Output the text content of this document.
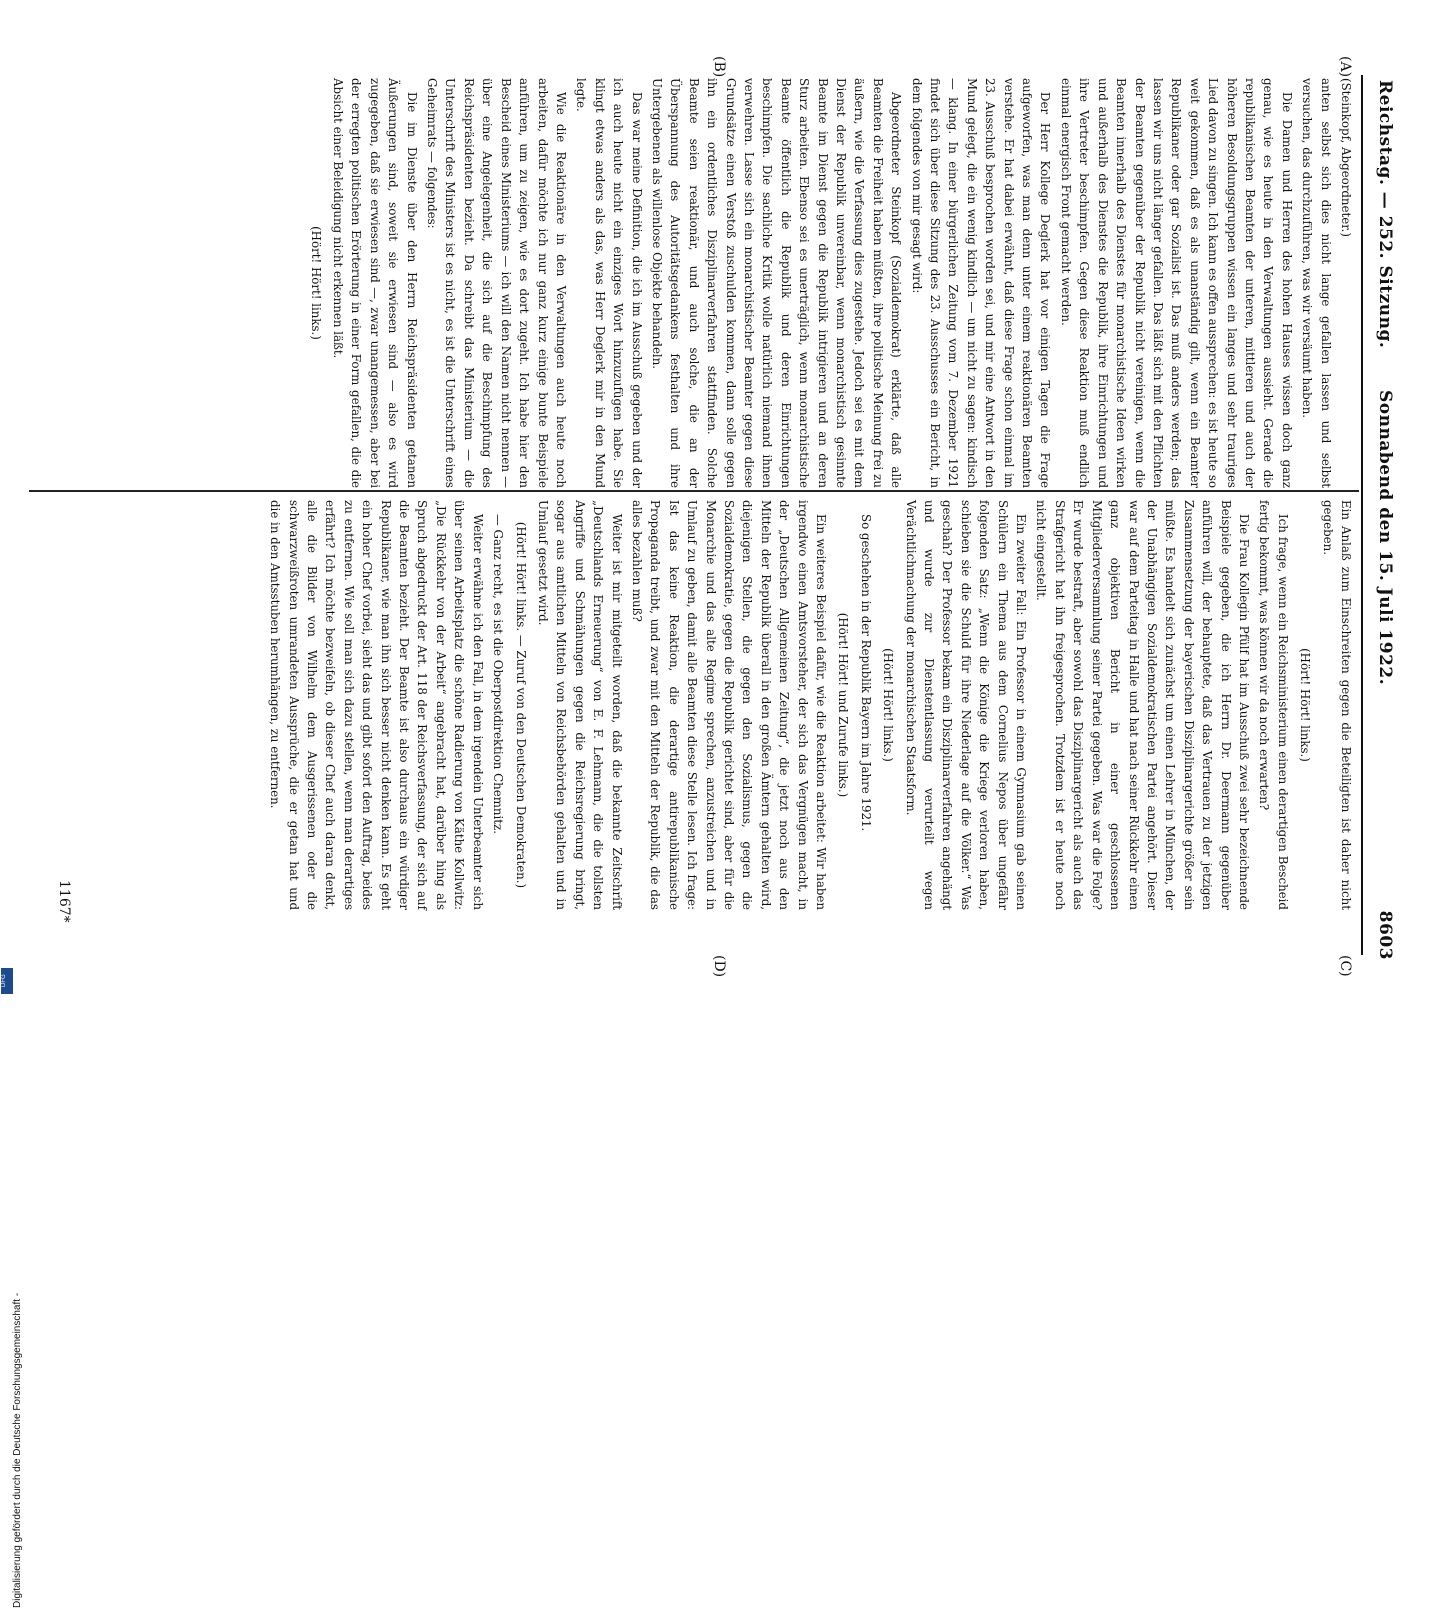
Reichstag. — 252. Sitzung.
Sonnabend den 15. Juli 1922.
8603
(A)
(B)
(C)
(D)

(Steinkopf, Abgeordneter.)

anten selbst sich dies nicht lange gefallen lassen und selbst versuchen, das durchzuführen, was wir versäumt haben.

Die Damen und Herren des hohen Hauses wissen doch ganz genau, wie es heute in den Verwaltungen aussieht. Gerade die republikanischen Beamten der unteren, mittleren und auch der höheren Besoldungsgruppen wissen ein langes und sehr trauriges Lied davon zu singen. Ich kann es offen aussprechen: es ist heute so weit gekommen, daß es als unanständig gilt, wenn ein Beamter Republikaner oder gar Sozialist ist. Das muß anders werden; das lassen wir uns nicht länger gefallen. Das läßt sich mit den Pflichten der Beamten gegenüber der Republik nicht vereinigen, wenn die Beamten innerhalb des Dienstes für monarchistische Ideen wirken und außerhalb des Dienstes die Republik, ihre Einrichtungen und ihre Vertreter beschimpfen. Gegen diese Reaktion muß endlich einmal energisch Front gemacht werden.

Der Herr Kollege Deglerk hat vor einigen Tagen die Frage aufgeworfen, was man denn unter einem reaktionären Beamten verstehe. Er hat dabei erwähnt, daß diese Frage schon einmal im 23. Ausschuß besprochen worden sei, und mir eine Antwort in den Mund gelegt, die ein wenig kindlich — um nicht zu sagen: kindisch — klang. In einer bürgerlichen Zeitung vom 7. Dezember 1921 findet sich über diese Sitzung des 23. Ausschusses ein Bericht, in dem folgendes von mir gesagt wird:

Abgeordneter Steinkopf (Sozialdemokrat) erklärte, daß alle Beamten die Freiheit haben müßten, ihre politische Meinung frei zu äußern, wie die Verfassung dies zugestehe. Jedoch sei es mit dem Dienst der Republik unvereinbar, wenn monarchistisch gesinnte Beamte im Dienst gegen die Republik intrigieren und an deren Sturz arbeiten. Ebenso sei es unerträglich, wenn monarchistische Beamte öffentlich die Republik und deren Einrichtungen beschimpfen. Die sachliche Kritik wolle natürlich niemand ihnen verwehren. Lasse sich ein monarchistischer Beamter gegen diese Grundsätze einen Verstoß zuschulden kommen, dann solle gegen ihn ein ordentliches Disziplinarverfahren stattfinden. Solche Beamte seien reaktionär, und auch solche, die an der Überspannung des Autoritätsgedankens festhalten und ihre Untergebenen als willenlose Objekte behandeln.

Das war meine Definition, die ich im Ausschuß gegeben und der ich auch heute nicht ein einziges Wort hinzuzufügen habe. Sie klingt etwas anders als das, was Herr Deglerk mir in den Mund legte.

Wie die Reaktionäre in den Verwaltungen auch heute noch arbeiten, dafür möchte ich nur ganz kurz einige bunte Beispiele anführen, um zu zeigen, wie es dort zugeht. Ich habe hier den Bescheid eines Ministeriums — ich will den Namen nicht nennen — über eine Angelegenheit, die sich auf die Beschimpfung des Reichspräsidenten bezieht. Da schreibt das Ministerium — die Unterschrift des Ministers ist es nicht, es ist die Unterschrift eines Geheimrats — folgendes:

Die im Dienste über den Herrn Reichspräsidenten getanen Äußerungen sind, soweit sie erwiesen sind — also es wird zugegeben, daß sie erwiesen sind —, zwar unangemessen, aber bei der erregten politischen Erörterung in einer Form gefallen, die die Absicht einer Beleidigung nicht erkennen läßt.

(Hört! Hört! links.)

Ein Anlaß zum Einschreiten gegen die Beteiligten ist daher nicht gegeben.

(Hört! Hört! links.)

Ich frage, wenn ein Reichsministerium einen derartigen Bescheid fertig bekommt, was können wir da noch erwarten?

Die Frau Kollegin Pfülf hat im Ausschuß zwei sehr bezeichnende Beispiele gegeben, die ich Herrn Dr. Deermann gegenüber anführen will, der behauptete, daß das Vertrauen zu der jetzigen Zusammensetzung der bayerischen Disziplinargerichte größer sein müßte. Es handelt sich zunächst um einen Lehrer in München, der der Unabhängigen Sozialdemokratischen Partei angehört. Dieser war auf dem Parteitag in Halle und hat nach seiner Rückkehr einen ganz objektiven Bericht in einer geschlossenen Mitgliederversammlung seiner Partei gegeben. Was war die Folge? Er wurde bestraft, aber sowohl das Disziplinargericht als auch das Strafgericht hat ihn freigesprochen. Trotzdem ist er heute noch nicht eingestellt.

Ein zweiter Fall: Ein Professor in einem Gymnasium gab seinen Schülern ein Thema aus dem Cornelius Nepos über ungefähr folgenden Satz: „Wenn die Könige die Kriege verloren haben, schieben sie die Schuld für ihre Niederlage auf die Völker.“ Was geschah? Der Professor bekam ein Disziplinarverfahren angehängt und wurde zur Dienstentlassung verurteilt wegen Verächtlichmachung der monarchischen Staatsform.

(Hört! Hört! links.)

So geschehen in der Republik Bayern im Jahre 1921.

(Hört! Hört! und Zurufe links.)

Ein weiteres Beispiel dafür, wie die Reaktion arbeitet: Wir haben irgendwo einen Amtsvorsteher, der sich das Vergnügen macht, in der „Deutschen Allgemeinen Zeitung“, die jetzt noch aus den Mitteln der Republik überall in den großen Ämtern gehalten wird, diejenigen Stellen, die gegen den Sozialismus, gegen die Sozialdemokratie, gegen die Republik gerichtet sind, aber für die Monarchie und das alte Regime sprechen, anzustreichen und in Umlauf zu geben, damit alle Beamten diese Stelle lesen. Ich frage: Ist das keine Reaktion, die derartige antirepublikanische Propaganda treibt, und zwar mit den Mitteln der Republik, die das alles bezahlen muß?

Weiter ist mir mitgeteilt worden, daß die bekannte Zeitschrift „Deutschlands Erneuerung“ von E. F. Lehmann, die die tollsten Angriffe und Schmähungen gegen die Reichsregierung bringt, sogar aus amtlichen Mitteln von Reichsbehörden gehalten und in Umlauf gesetzt wird.

(Hört! Hört! links. — Zuruf von den Deutschen Demokraten.)

— Ganz recht, es ist die Oberpostdirektion Chemnitz.

Weiter erwähne ich den Fall, in dem irgendein Unterbeamter sich über seinen Arbeitsplatz die schöne Radierung von Käthe Kollwitz: „Die Rückkehr von der Arbeit“ angebracht hat, darüber hing als Spruch abgedruckt der Art. 118 der Reichsverfassung, der sich auf die Beamten bezieht. Der Beamte ist also durchaus ein würdiger Republikaner, wie man ihn sich besser nicht denken kann. Es geht ein hoher Chef vorbei, sieht das und gibt sofort den Auftrag, beides zu entfernen. Wie soll man sich dazu stellen, wenn man derartiges erfährt? Ich möchte bezweifeln, ob dieser Chef auch daran denkt, alle die Bilder von Wilhelm dem Ausgerissenen oder die schwarzweißroten umrandeten Aussprüche, die er getan hat und die in den Amtsstuben herumhängen, zu entfernen.

1167*
Digitalisierung gefördert durch die Deutsche Forschungsgemeinschaft -
DFG
